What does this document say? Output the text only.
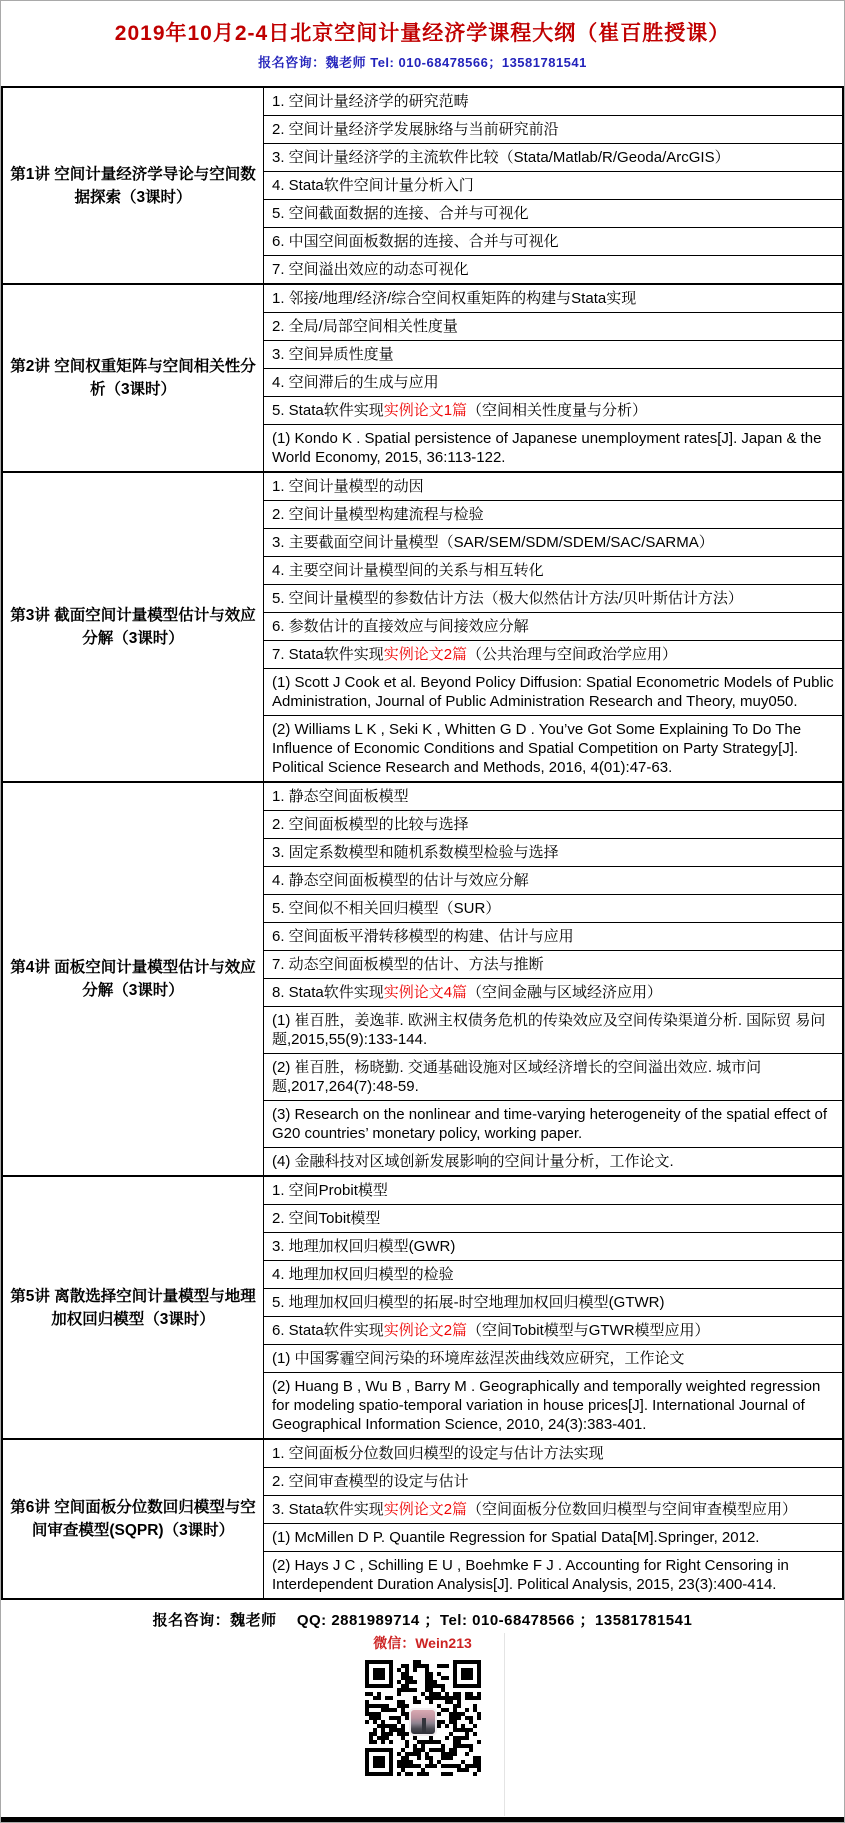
2019年10月2-4日北京空间计量经济学课程大纲（崔百胜授课）
报名咨询：魏老师 Tel: 010-68478566；13581781541
第1讲 空间计量经济学导论与空间数据探索（3课时）	1. 空间计量经济学的研究范畴
	2. 空间计量经济学发展脉络与当前研究前沿
	3. 空间计量经济学的主流软件比较（Stata/Matlab/R/Geoda/ArcGIS）
	4. Stata软件空间计量分析入门
	5. 空间截面数据的连接、合并与可视化
	6. 中国空间面板数据的连接、合并与可视化
	7. 空间溢出效应的动态可视化
第2讲 空间权重矩阵与空间相关性分析（3课时）	1. 邻接/地理/经济/综合空间权重矩阵的构建与Stata实现
	2. 全局/局部空间相关性度量
	3. 空间异质性度量
	4. 空间滞后的生成与应用
	5. Stata软件实现实例论文1篇（空间相关性度量与分析）
	(1) Kondo K . Spatial persistence of Japanese unemployment rates[J]. Japan & the World Economy, 2015, 36:113-122.
第3讲 截面空间计量模型估计与效应分解（3课时）	1. 空间计量模型的动因
	2. 空间计量模型构建流程与检验
	3. 主要截面空间计量模型（SAR/SEM/SDM/SDEM/SAC/SARMA）
	4. 主要空间计量模型间的关系与相互转化
	5. 空间计量模型的参数估计方法（极大似然估计方法/贝叶斯估计方法）
	6. 参数估计的直接效应与间接效应分解
	7. Stata软件实现实例论文2篇（公共治理与空间政治学应用）
	(1) Scott J Cook et al. Beyond Policy Diffusion: Spatial Econometric Models of Public Administration, Journal of Public Administration Research and Theory, muy050.
	(2) Williams L K , Seki K , Whitten G D . You’ve Got Some Explaining To Do The Influence of Economic Conditions and Spatial Competition on Party Strategy[J]. Political Science Research and Methods, 2016, 4(01):47-63.
第4讲 面板空间计量模型估计与效应分解（3课时）	1. 静态空间面板模型
	2. 空间面板模型的比较与选择
	3. 固定系数模型和随机系数模型检验与选择
	4. 静态空间面板模型的估计与效应分解
	5. 空间似不相关回归模型（SUR）
	6. 空间面板平滑转移模型的构建、估计与应用
	7. 动态空间面板模型的估计、方法与推断
	8. Stata软件实现实例论文4篇（空间金融与区域经济应用）
	(1) 崔百胜，姜逸菲. 欧洲主权债务危机的传染效应及空间传染渠道分析. 国际贸 易问题,2015,55(9):133-144.
	(2) 崔百胜，杨晓勤. 交通基础设施对区域经济增长的空间溢出效应. 城市问题,2017,264(7):48-59.
	(3) Research on the nonlinear and time-varying heterogeneity of the spatial effect of G20 countries’ monetary policy, working paper.
	(4) 金融科技对区域创新发展影响的空间计量分析，工作论文.
第5讲 离散选择空间计量模型与地理加权回归模型（3课时）	1. 空间Probit模型
	2. 空间Tobit模型
	3. 地理加权回归模型(GWR)
	4. 地理加权回归模型的检验
	5. 地理加权回归模型的拓展-时空地理加权回归模型(GTWR)
	6. Stata软件实现实例论文2篇（空间Tobit模型与GTWR模型应用）
	(1) 中国雾霾空间污染的环境库兹涅茨曲线效应研究，工作论文
	(2) Huang B , Wu B , Barry M . Geographically and temporally weighted regression for modeling spatio-temporal variation in house prices[J]. International Journal of Geographical Information Science, 2010, 24(3):383-401.
第6讲 空间面板分位数回归模型与空间审查模型(SQPR)（3课时）	1. 空间面板分位数回归模型的设定与估计方法实现
	2. 空间审查模型的设定与估计
	3. Stata软件实现实例论文2篇（空间面板分位数回归模型与空间审查模型应用）
	(1) McMillen D P. Quantile Regression for Spatial Data[M].Springer, 2012.
	(2) Hays J C , Schilling E U , Boehmke F J . Accounting for Right Censoring in Interdependent Duration Analysis[J]. Political Analysis, 2015, 23(3):400-414.
报名咨询：魏老师　 QQ: 2881989714 ；Tel: 010-68478566 ；13581781541
微信：Wein213
